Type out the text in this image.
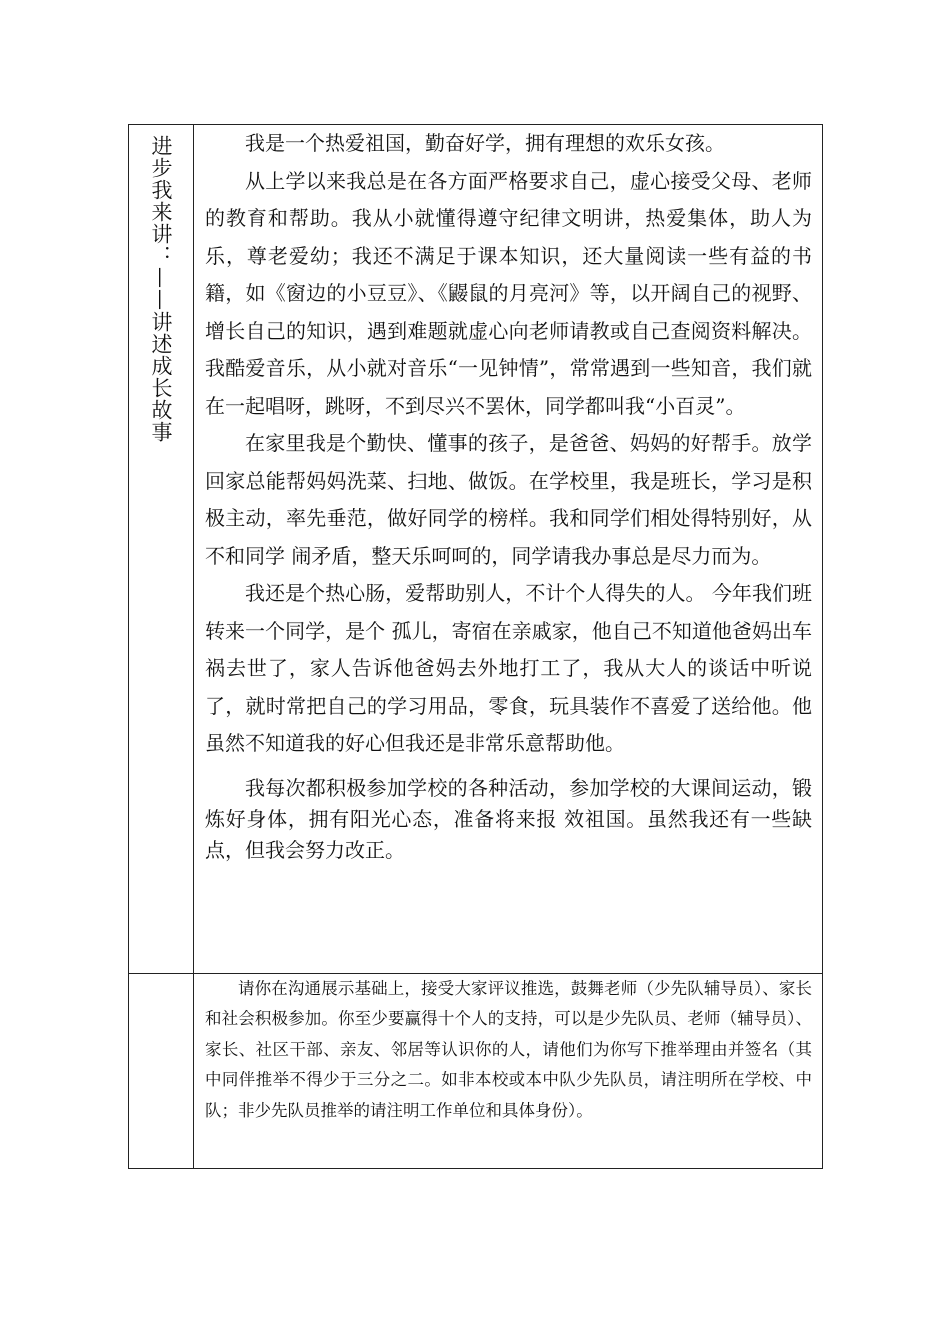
进步我来讲：——讲述成长故事	我是一个热爱祖国，勤奋好学，拥有理想的欢乐女孩。

从上学以来我总是在各方面严格要求自己，虚心接受父母、老师的教育和帮助。我从小就懂得遵守纪律文明讲，热爱集体，助人为乐，尊老爱幼；我还不满足于课本知识，还大量阅读一些有益的书籍，如《窗边的小豆豆》、《鼹鼠的月亮河》等，以开阔自己的视野、增长自己的知识，遇到难题就虚心向老师请教或自己查阅资料解决。我酷爱音乐，从小就对音乐“一见钟情”，常常遇到一些知音，我们就在一起唱呀，跳呀，不到尽兴不罢休，同学都叫我“小百灵”。

在家里我是个勤快、懂事的孩子，是爸爸、妈妈的好帮手。放学回家总能帮妈妈洗菜、扫地、做饭。在学校里，我是班长，学习是积极主动，率先垂范，做好同学的榜样。我和同学们相处得特别好，从不和同学 闹矛盾，整天乐呵呵的，同学请我办事总是尽力而为。

我还是个热心肠，爱帮助别人，不计个人得失的人。 今年我们班转来一个同学，是个 孤儿，寄宿在亲戚家，他自己不知道他爸妈出车祸去世了，家人告诉他爸妈去外地打工了，我从大人的谈话中听说了，就时常把自己的学习用品，零食，玩具装作不喜爱了送给他。他虽然不知道我的好心但我还是非常乐意帮助他。

我每次都积极参加学校的各种活动，参加学校的大课间运动，锻炼好身体，拥有阳光心态，准备将来报 效祖国。虽然我还有一些缺点，但我会努力改正。

请你在沟通展示基础上，接受大家评议推选，鼓舞老师（少先队辅导员）、家长和社会积极参加。你至少要赢得十个人的支持，可以是少先队员、老师（辅导员）、家长、社区干部、亲友、邻居等认识你的人，请他们为你写下推举理由并签名（其中同伴推举不得少于三分之二。如非本校或本中队少先队员，请注明所在学校、中队；非少先队员推举的请注明工作单位和具体身份）。
